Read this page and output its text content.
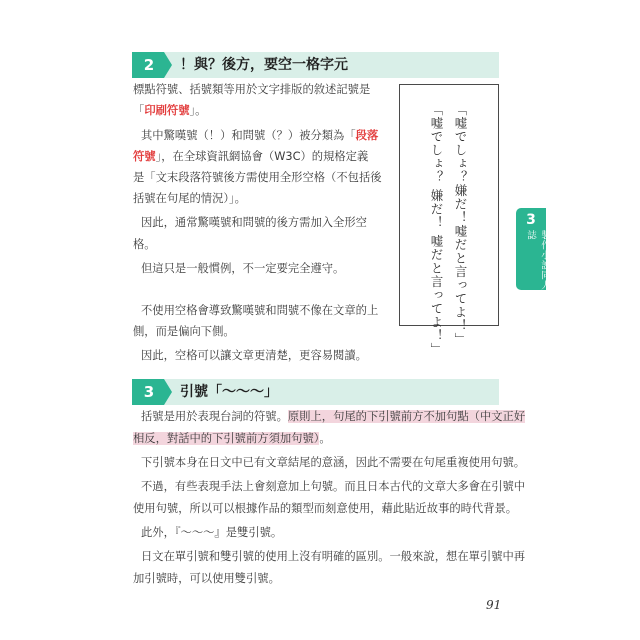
2	！與？後方，要空一格字元
標點符號、括號類等用於文字排版的敘述記號是
「印刷符號」。
其中驚嘆號（！）和問號（？）被分類為「段落
符號」，在全球資訊網協會（W3C）的規格定義
是「文末段落符號後方需使用全形空格（不包括後
括號在句尾的情況）」。
因此，通常驚嘆號和問號的後方需加入全形空
格。
但這只是一般慣例，不一定要完全遵守。
不使用空格會導致驚嘆號和問號不像在文章的上
側，而是偏向下側。
因此，空格可以讓文章更清楚，更容易閱讀。	「嘘でしょ？ 嫌だ！ 嘘だと言ってよ！」 「嘘でしょ？嫌だ！嘘だと言ってよ！」	3
製作小說同人誌
3	引號「～～～」
括號是用於表現台詞的符號。原則上，句尾的下引號前方不加句點（中文正好
相反，對話中的下引號前方須加句號）。
下引號本身在日文中已有文章結尾的意涵，因此不需要在句尾重複使用句號。
不過，有些表現手法上會刻意加上句號。而且日本古代的文章大多會在引號中
使用句號，所以可以根據作品的類型而刻意使用，藉此貼近故事的時代背景。
此外，『～～～』是雙引號。
日文在單引號和雙引號的使用上沒有明確的區別。一般來說，想在單引號中再
加引號時，可以使用雙引號。
91
